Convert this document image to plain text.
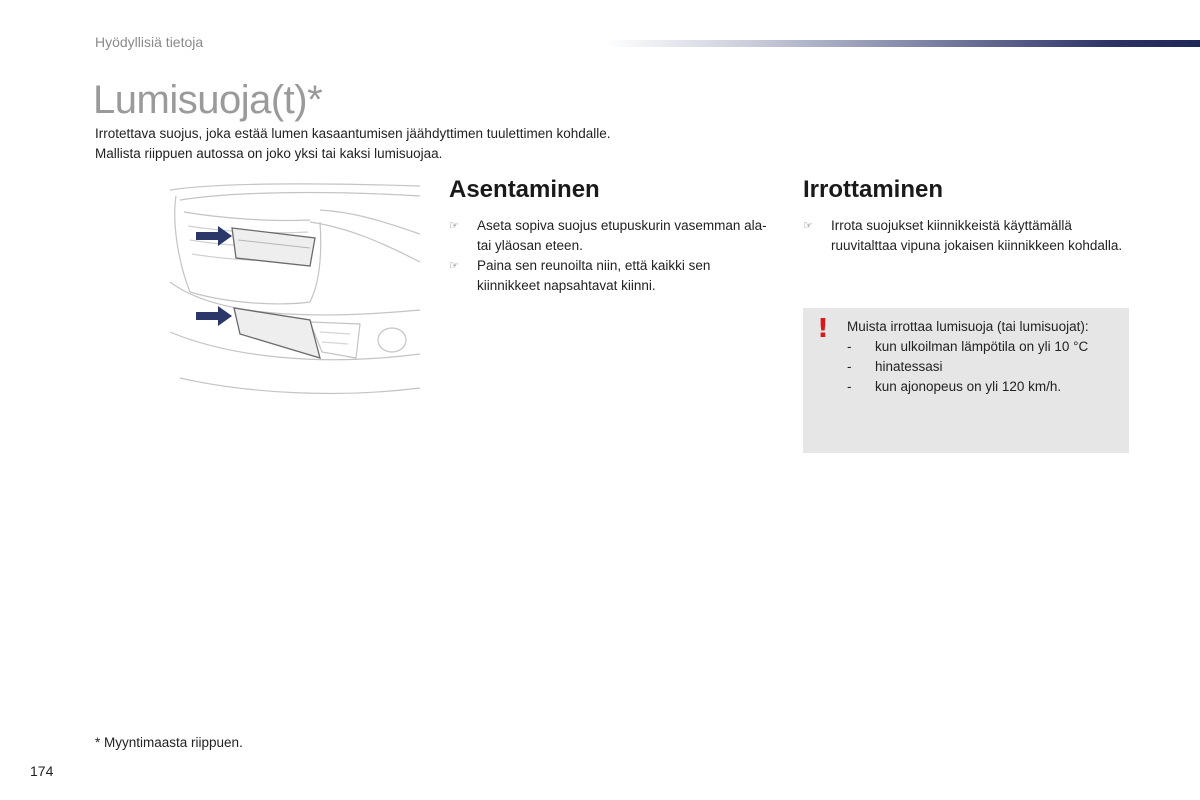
Hyödyllisiä tietoja
Lumisuoja(t)*

Irrotettava suojus, joka estää lumen kasaantumisen jäähdyttimen tuulettimen kohdalle.

Mallista riippuen autossa on joko yksi tai kaksi lumisuojaa.

Asentaminen
☞ Aseta sopiva suojus etupuskurin vasemman ala- tai yläosan eteen.
☞ Paina sen reunoilta niin, että kaikki sen kiinnikkeet napsahtavat kiinni.
Irrottaminen
☞ Irrota suojukset kiinnikkeistä käyttämällä ruuvitalttaa vipuna jokaisen kiinnikkeen kohdalla.
! Muista irrottaa lumisuoja (tai lumisuojat):
- kun ulkoilman lämpötila on yli 10 °C
- hinatessasi
- kun ajonopeus on yli 120 km/h.
* Myyntimaasta riippuen.
174
